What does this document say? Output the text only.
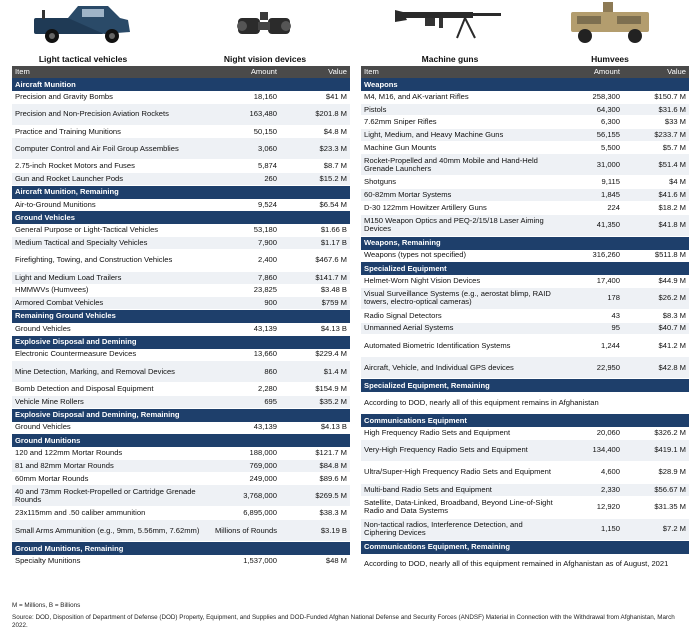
Light tactical vehicles	Night vision devices	Machine guns	Humvees
Item	Amount	Value
Aircraft Munition		
Precision and Gravity Bombs	18,160	$41 M
Precision and Non-Precision Aviation Rockets	163,480	$201.8 M
Practice and Training Munitions	50,150	$4.8 M
Computer Control and Air Foil Group Assemblies	3,060	$23.3 M
2.75-inch Rocket Motors and Fuses	5,874	$8.7 M
Gun and Rocket Launcher Pods	260	$15.2 M
Aircraft Munition, Remaining		
Air-to-Ground Munitions	9,524	$6.54 M
Ground Vehicles		
General Purpose or Light-Tactical Vehicles	53,180	$1.66 B
Medium Tactical and Specialty Vehicles	7,900	$1.17 B
Firefighting, Towing, and Construction Vehicles	2,400	$467.6 M
Light and Medium Load Trailers	7,860	$141.7 M
HMMWVs (Humvees)	23,825	$3.48 B
Armored Combat Vehicles	900	$759 M
Remaining Ground Vehicles		
Ground Vehicles	43,139	$4.13 B
Explosive Disposal and Demining		
Electronic Countermeasure Devices	13,660	$229.4 M
Mine Detection, Marking, and Removal Devices	860	$1.4 M
Bomb Detection and Disposal Equipment	2,280	$154.9 M
Vehicle Mine Rollers	695	$35.2 M
Explosive Disposal and Demining, Remaining		
Ground Vehicles	43,139	$4.13 B
Ground Munitions		
120 and 122mm Mortar Rounds	188,000	$121.7 M
81 and 82mm Mortar Rounds	769,000	$84.8 M
60mm Mortar Rounds	249,000	$89.6 M
40 and 73mm Rocket-Propelled or Cartridge Grenade Rounds	3,768,000	$269.5 M
23x115mm and .50 caliber ammunition	6,895,000	$38.3 M
Small Arms Ammunition (e.g., 9mm, 5.56mm, 7.62mm)	Millions of Rounds	$3.19 B
Ground Munitions, Remaining		
Specialty Munitions	1,537,000	$48 M
Item	Amount	Value
Weapons		
M4, M16, and AK-variant Rifles	258,300	$150.7 M
Pistols	64,300	$31.6 M
7.62mm Sniper Rifles	6,300	$33 M
Light, Medium, and Heavy Machine Guns	56,155	$233.7 M
Machine Gun Mounts	5,500	$5.7 M
Rocket-Propelled and 40mm Mobile and Hand-Held Grenade Launchers	31,000	$51.4 M
Shotguns	9,115	$4 M
60-82mm Mortar Systems	1,845	$41.6 M
D-30 122mm Howitzer Artillery Guns	224	$18.2 M
M150 Weapon Optics and PEQ-2/15/18 Laser Aiming Devices	41,350	$41.8 M
Weapons, Remaining		
Weapons (types not specified)	316,260	$511.8 M
Specialized Equipment		
Helmet-Worn Night Vision Devices	17,400	$44.9 M
Visual Surveillance Systems (e.g., aerostat blimp, RAID towers, electro-optical cameras)	178	$26.2 M
Radio Signal Detectors	43	$8.3 M
Unmanned Aerial Systems	95	$40.7 M
Automated Biometric Identification Systems	1,244	$41.2 M
Aircraft, Vehicle, and Individual GPS devices	22,950	$42.8 M
Specialized Equipment, Remaining		
According to DOD, nearly all of this equipment remains in Afghanistan		
Communications Equipment		
High Frequency Radio Sets and Equipment	20,060	$326.2 M
Very-High Frequency Radio Sets and Equipment	134,400	$419.1 M
Ultra/Super-High Frequency Radio Sets and Equipment	4,600	$28.9 M
Multi-band Radio Sets and Equipment	2,330	$56.67 M
Satellite, Data-Linked, Broadband, Beyond Line-of-Sight Radio and Data Systems	12,920	$31.35 M
Non-tactical radios, Interference Detection, and Ciphering Devices	1,150	$7.2 M
Communications Equipment, Remaining		
According to DOD, nearly all of this equipment remained in Afghanistan as of August, 2021		
M = Millions, B = Billions
Source: DOD, Disposition of Department of Defense (DOD) Property, Equipment, and Supplies and DOD-Funded Afghan National Defense and Security Forces (ANDSF) Material in Connection with the Withdrawal from Afghanistan, March 2022.
